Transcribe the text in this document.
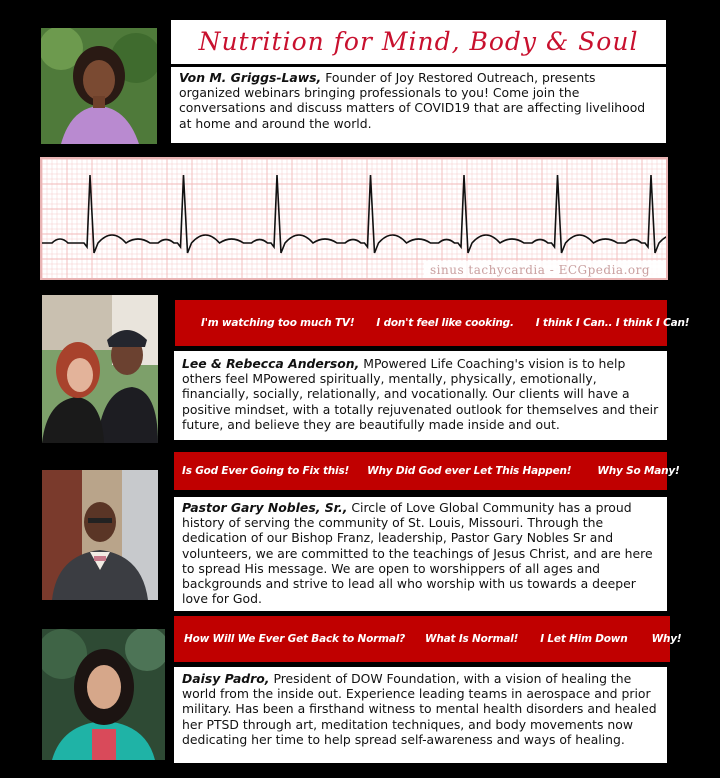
Nutrition for Mind, Body & Soul
Von M. Griggs-Laws, Founder of Joy Restored Outreach, presents organized webinars bringing professionals to you! Come join the conversations and discuss matters of COVID19 that are affecting livelihood at home and around the world.
sinus tachycardia - ECGpedia.org
I'm watching too much TV! I don't feel like cooking. I think I Can.. I think I Can!
Lee & Rebecca Anderson, MPowered Life Coaching's vision is to help others feel MPowered spiritually, mentally, physically, emotionally, financially, socially, relationally, and vocationally. Our clients will have a positive mindset, with a totally rejuvenated outlook for themselves and their future, and believe they are beautifully made inside and out.
Is God Ever Going to Fix this! Why Did God ever Let This Happen! Why So Many!
Pastor Gary Nobles, Sr., Circle of Love Global Community has a proud history of serving the community of St. Louis, Missouri. Through the dedication of our Bishop Franz, leadership, Pastor Gary Nobles Sr and volunteers, we are committed to the teachings of Jesus Christ, and are here to spread His message. We are open to worshippers of all ages and backgrounds and strive to lead all who worship with us towards a deeper love for God.
How Will We Ever Get Back to Normal? What Is Normal! I Let Him Down Why!
Daisy Padro, President of DOW Foundation, with a vision of healing the world from the inside out. Experience leading teams in aerospace and prior military. Has been a firsthand witness to mental health disorders and healed her PTSD through art, meditation techniques, and body movements now dedicating her time to help spread self-awareness and ways of healing.
